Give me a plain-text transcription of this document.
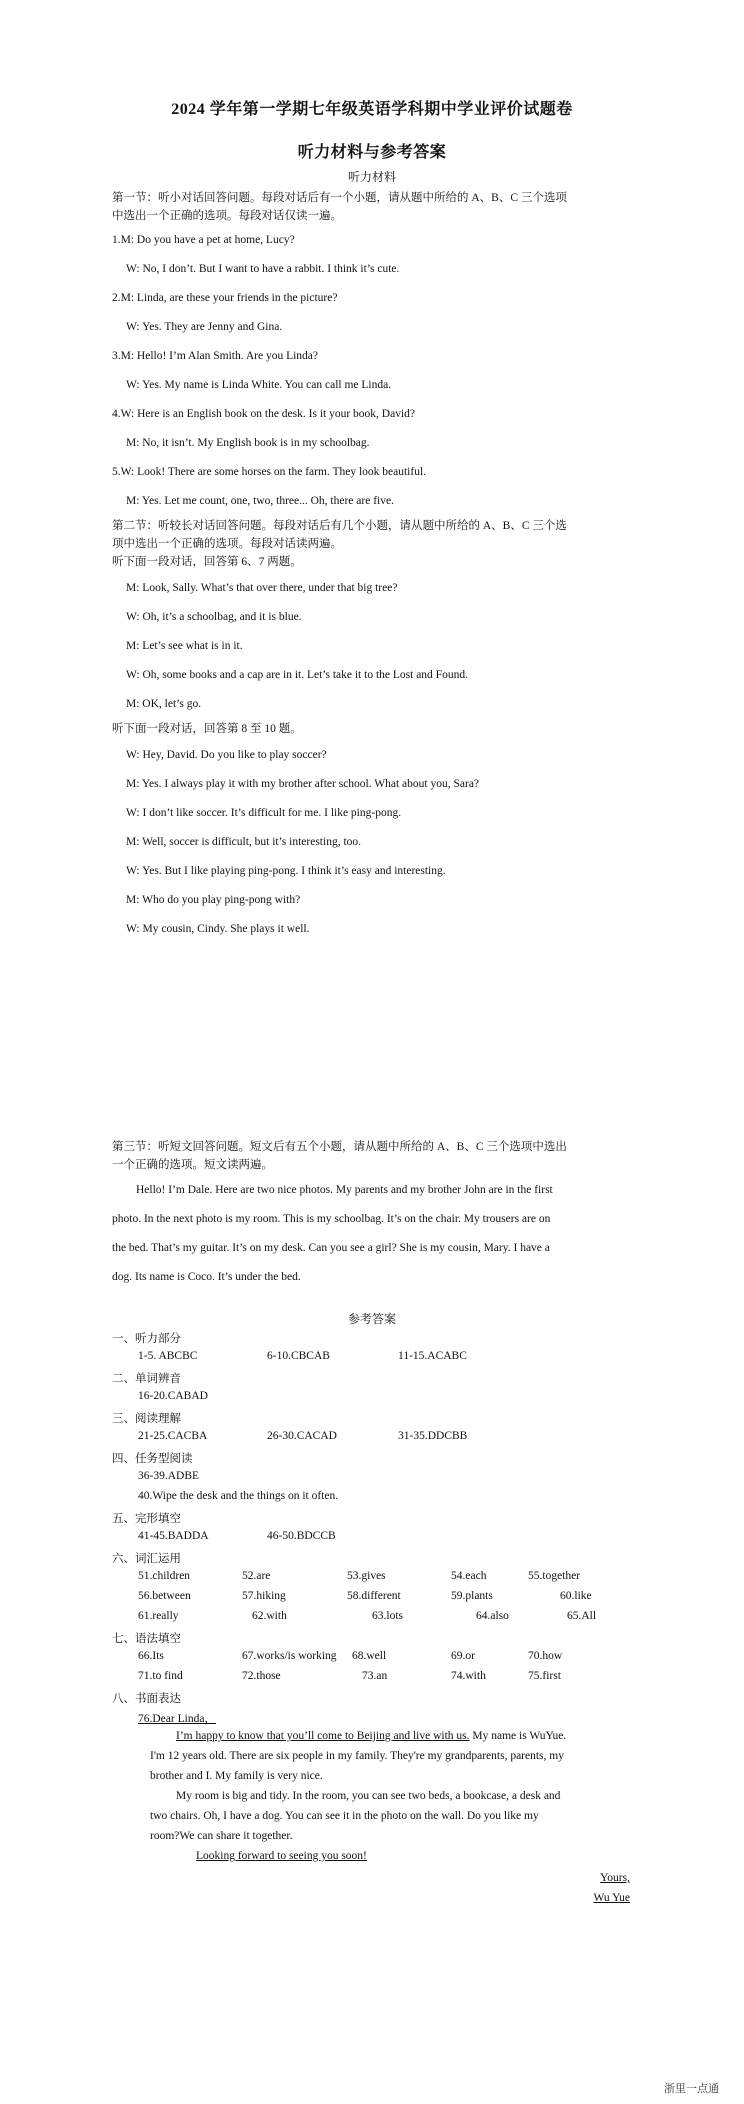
2024 学年第一学期七年级英语学科期中学业评价试题卷
听力材料与参考答案
听力材料
第一节：听小对话回答问题。每段对话后有一个小题，请从题中所给的 A、B、C 三个选项
中选出一个正确的选项。每段对话仅读一遍。
1.M: Do you have a pet at home, Lucy?
W: No, I don’t. But I want to have a rabbit. I think it’s cute.
2.M: Linda, are these your friends in the picture?
W: Yes. They are Jenny and Gina.
3.M: Hello! I’m Alan Smith. Are you Linda?
W: Yes. My name is Linda White. You can call me Linda.
4.W: Here is an English book on the desk. Is it your book, David?
M: No, it isn’t. My English book is in my schoolbag.
5.W: Look! There are some horses on the farm. They look beautiful.
M: Yes. Let me count, one, two, three... Oh, there are five.
第二节：听较长对话回答问题。每段对话后有几个小题，请从题中所给的 A、B、C 三个选
项中选出一个正确的选项。每段对话读两遍。
听下面一段对话，回答第 6、7 两题。
M: Look, Sally. What’s that over there, under that big tree?
W: Oh, it’s a schoolbag, and it is blue.
M: Let’s see what is in it.
W: Oh, some books and a cap are in it. Let’s take it to the Lost and Found.
M: OK, let’s go.
听下面一段对话，回答第 8 至 10 题。
W: Hey, David. Do you like to play soccer?
M: Yes. I always play it with my brother after school. What about you, Sara?
W: I don’t like soccer. It’s difficult for me. I like ping-pong.
M: Well, soccer is difficult, but it’s interesting, too.
W: Yes. But I like playing ping-pong. I think it’s easy and interesting.
M: Who do you play ping-pong with?
W: My cousin, Cindy. She plays it well.
第三节：听短文回答问题。短文后有五个小题，请从题中所给的 A、B、C 三个选项中选出
一个正确的选项。短文读两遍。
Hello! I’m Dale. Here are two nice photos. My parents and my brother John are in the first
photo. In the next photo is my room. This is my schoolbag. It’s on the chair. My trousers are on
the bed. That’s my guitar. It’s on my desk. Can you see a girl? She is my cousin, Mary. I have a
dog. Its name is Coco. It’s under the bed.
参考答案
一、听力部分
1-5. ABCBC	6-10.CBCAB	11-15.ACABC
二、单词辨音
16-20.CABAD
三、阅读理解
21-25.CACBA	26-30.CACAD	31-35.DDCBB
四、任务型阅读
36-39.ADBE
40.Wipe the desk and the things on it often.
五、完形填空
41-45.BADDA	46-50.BDCCB
六、词汇运用
51.children	52.are	53.gives	54.each	55.together
56.between	57.hiking	58.different	59.plants	60.like
61.really	62.with	63.lots	64.also	65.All
七、语法填空
66.Its	67.works/is working 68.well	69.or	70.how
71.to find	72.those	73.an	74.with	75.first
八、书面表达
76.Dear Linda，
I’m happy to know that you’ll come to Beijing and live with us. My name is WuYue.
I'm 12 years old. There are six people in my family. They're my grandparents, parents, my
brother and I. My family is very nice.
My room is big and tidy. In the room, you can see two beds, a bookcase, a desk and
two chairs. Oh, I have a dog. You can see it in the photo on the wall. Do you like my
room?We can share it together.
Looking forward to seeing you soon!
Yours,
Wu Yue
浙里一点通
